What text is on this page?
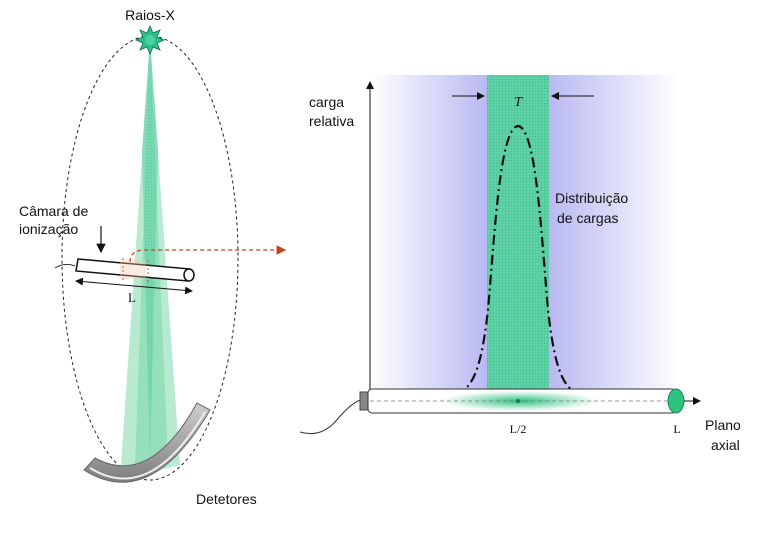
Raios-X
Detetores
Câmara de
ionização
L
carga
relativa
T
Distribuição
de cargas
L/2	L Plano
axial
